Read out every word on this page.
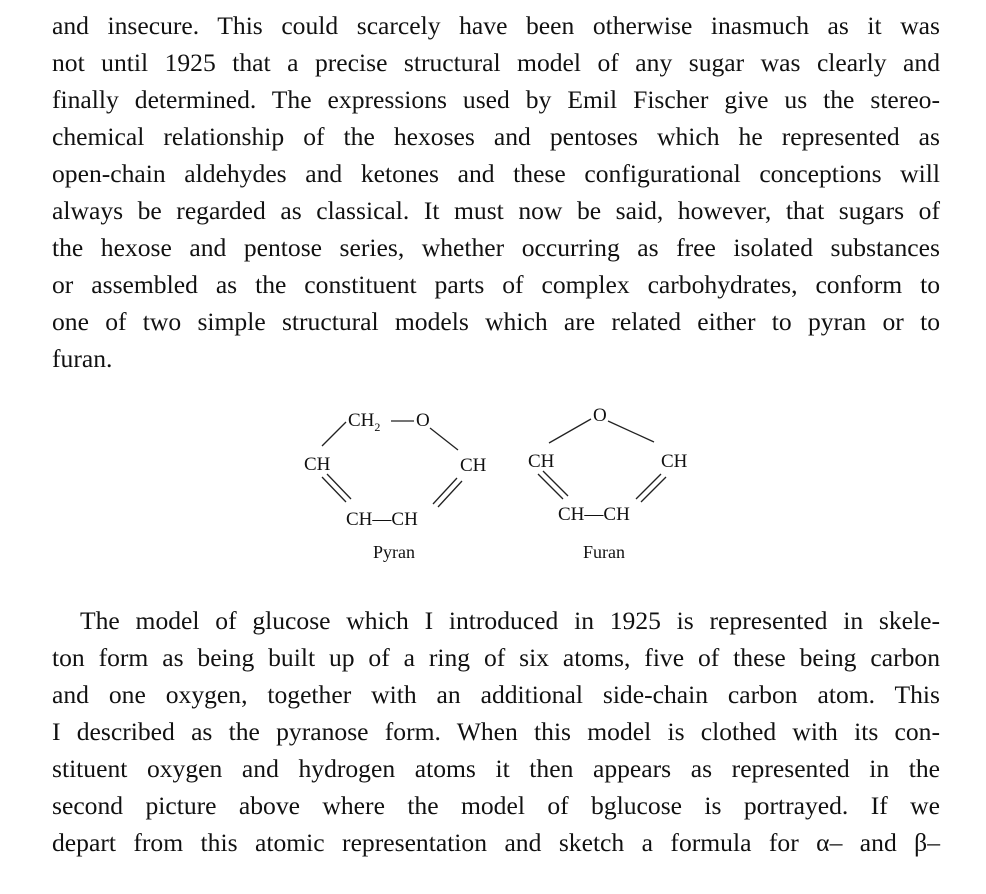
and insecure. This could scarcely have been otherwise inasmuch as it was
not until 1925 that a precise structural model of any sugar was clearly and
finally determined. The expressions used by Emil Fischer give us the stereo-
chemical relationship of the hexoses and pentoses which he represented as
open-chain aldehydes and ketones and these configurational conceptions will
always be regarded as classical. It must now be said, however, that sugars of
the hexose and pentose series, whether occurring as free isolated substances
or assembled as the constituent parts of complex carbohydrates, conform to
one of two simple structural models which are related either to pyran or to
furan.

$CH_2$ O
CH	CH
CH—CH
Pyran
O
CH	CH
CH—CH
Furan

The model of glucose which I introduced in 1925 is represented in skele-
ton form as being built up of a ring of six atoms, five of these being carbon
and one oxygen, together with an additional side-chain carbon atom. This
I described as the pyranose form. When this model is clothed with its con-
stituent oxygen and hydrogen atoms it then appears as represented in the
second picture above where the model of bglucose is portrayed. If we
depart from this atomic representation and sketch a formula for α– and β–
